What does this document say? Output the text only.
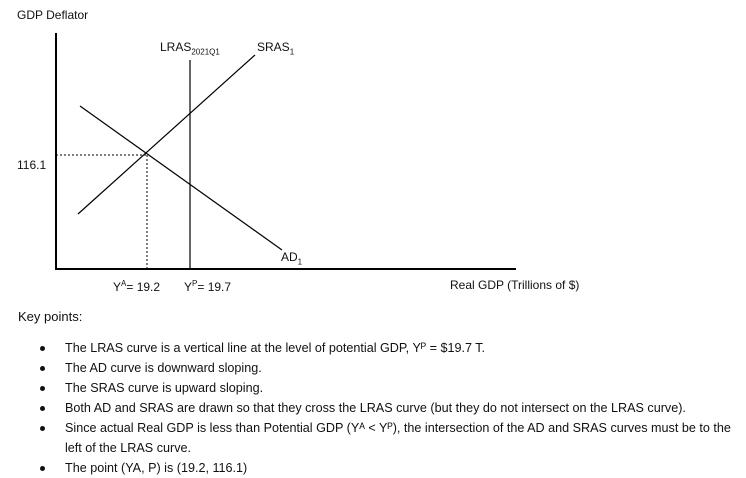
GDP Deflator
116.1
$LRAS_{2021Q1}$	$SRAS_1$
$AD_1$
$Y^A= 19.2$ $Y^P= 19.7$	Real GDP (Trillions of $)
Key points:
The LRAS curve is a vertical line at the level of potential GDP, Yᴾ = $19.7 T.
The AD curve is downward sloping.
The SRAS curve is upward sloping.
Both AD and SRAS are drawn so that they cross the LRAS curve (but they do not intersect on the LRAS curve).
Since actual Real GDP is less than Potential GDP (Yᴬ < Yᴾ), the intersection of the AD and SRAS curves must be to the left of the LRAS curve.
The point (YA, P) is (19.2, 116.1)
